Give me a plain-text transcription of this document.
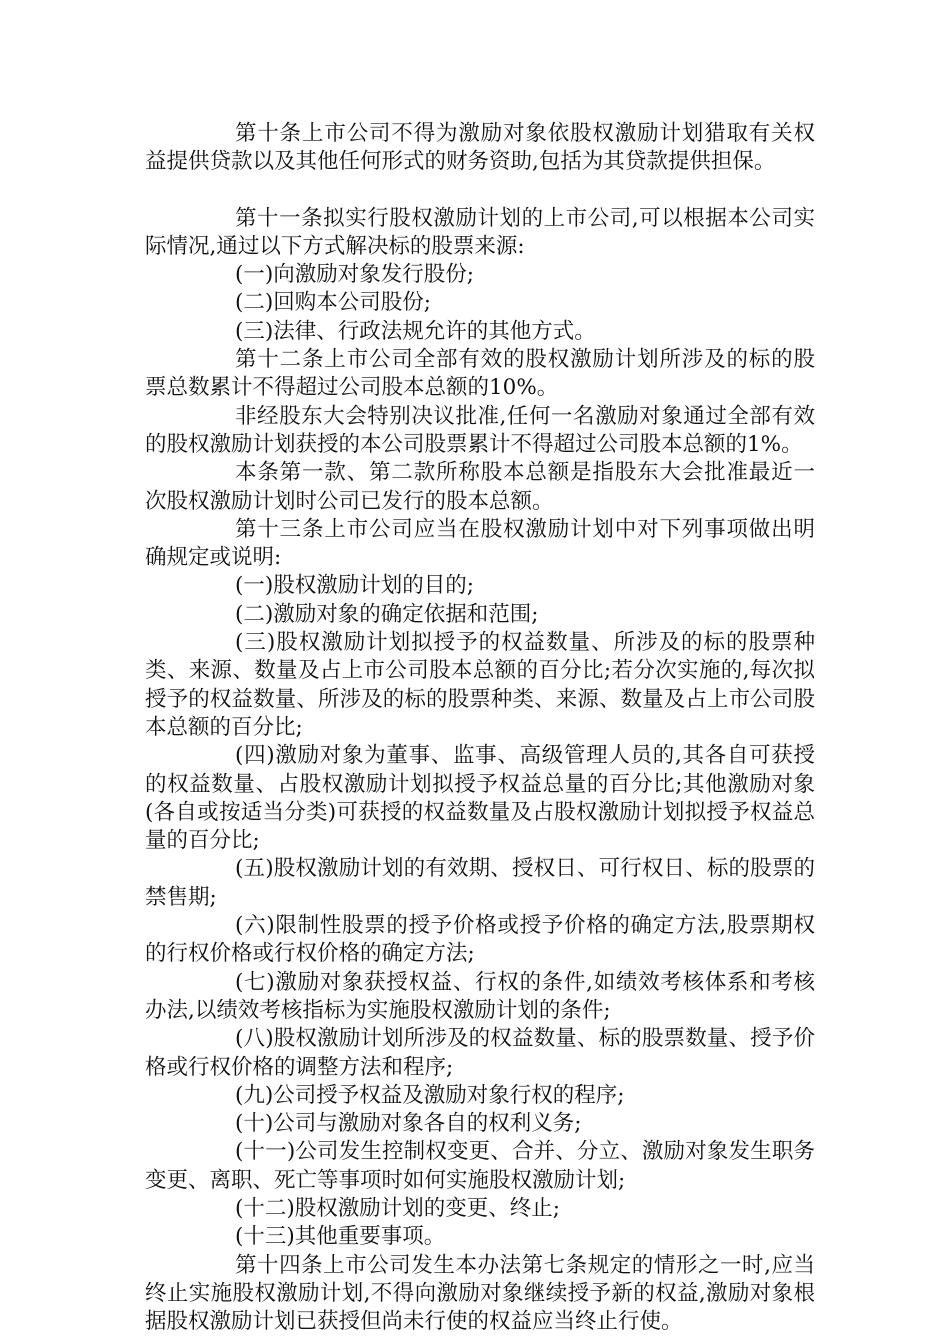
第十条上市公司不得为激励对象依股权激励计划猎取有关权益提供贷款以及其他任何形式的财务资助,包括为其贷款提供担保。

第十一条拟实行股权激励计划的上市公司,可以根据本公司实际情况,通过以下方式解决标的股票来源:

(一)向激励对象发行股份;

(二)回购本公司股份;

(三)法律、行政法规允许的其他方式。

第十二条上市公司全部有效的股权激励计划所涉及的标的股票总数累计不得超过公司股本总额的10%。

非经股东大会特别决议批准,任何一名激励对象通过全部有效的股权激励计划获授的本公司股票累计不得超过公司股本总额的1%。

本条第一款、第二款所称股本总额是指股东大会批准最近一次股权激励计划时公司已发行的股本总额。

第十三条上市公司应当在股权激励计划中对下列事项做出明确规定或说明:

(一)股权激励计划的目的;

(二)激励对象的确定依据和范围;

(三)股权激励计划拟授予的权益数量、所涉及的标的股票种类、来源、数量及占上市公司股本总额的百分比;若分次实施的,每次拟授予的权益数量、所涉及的标的股票种类、来源、数量及占上市公司股本总额的百分比;

(四)激励对象为董事、监事、高级管理人员的,其各自可获授的权益数量、占股权激励计划拟授予权益总量的百分比;其他激励对象(各自或按适当分类)可获授的权益数量及占股权激励计划拟授予权益总量的百分比;

(五)股权激励计划的有效期、授权日、可行权日、标的股票的禁售期;

(六)限制性股票的授予价格或授予价格的确定方法,股票期权的行权价格或行权价格的确定方法;

(七)激励对象获授权益、行权的条件,如绩效考核体系和考核办法,以绩效考核指标为实施股权激励计划的条件;

(八)股权激励计划所涉及的权益数量、标的股票数量、授予价格或行权价格的调整方法和程序;

(九)公司授予权益及激励对象行权的程序;

(十)公司与激励对象各自的权利义务;

(十一)公司发生控制权变更、合并、分立、激励对象发生职务变更、离职、死亡等事项时如何实施股权激励计划;

(十二)股权激励计划的变更、终止;

(十三)其他重要事项。

第十四条上市公司发生本办法第七条规定的情形之一时,应当终止实施股权激励计划,不得向激励对象继续授予新的权益,激励对象根据股权激励计划已获授但尚未行使的权益应当终止行使。
